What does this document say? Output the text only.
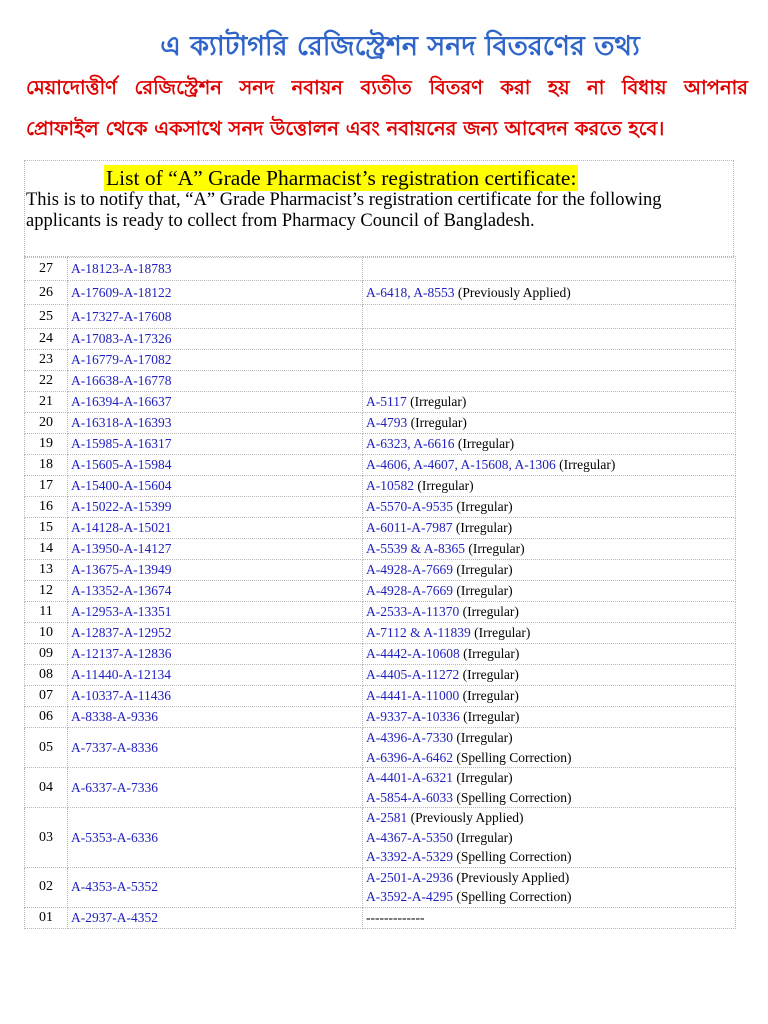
এ ক্যাটাগরি রেজিস্ট্রেশন সনদ বিতরণের তথ্য
মেয়াদোত্তীর্ণ রেজিস্ট্রেশন সনদ নবায়ন ব্যতীত বিতরণ করা হয় না বিধায় আপনার
প্রোফাইল থেকে একসাথে সনদ উত্তোলন এবং নবায়নের জন্য আবেদন করতে হবে।
List of “A” Grade Pharmacist’s registration certificate:
This is to notify that, “A” Grade Pharmacist’s registration certificate for the following applicants is ready to collect from Pharmacy Council of Bangladesh.
27	A-18123-A-18783	
26	A-17609-A-18122	A-6418, A-8553 (Previously Applied)

25	A-17327-A-17608	
24	A-17083-A-17326	
23	A-16779-A-17082	
22	A-16638-A-16778	
21	A-16394-A-16637	A-5117 (Irregular)

20	A-16318-A-16393	A-4793 (Irregular)

19	A-15985-A-16317	A-6323, A-6616 (Irregular)

18	A-15605-A-15984	A-4606, A-4607, A-15608, A-1306 (Irregular)

17	A-15400-A-15604	A-10582 (Irregular)

16	A-15022-A-15399	A-5570-A-9535 (Irregular)

15	A-14128-A-15021	A-6011-A-7987 (Irregular)

14	A-13950-A-14127	A-5539 & A-8365 (Irregular)

13	A-13675-A-13949	A-4928-A-7669 (Irregular)

12	A-13352-A-13674	A-4928-A-7669 (Irregular)

11	A-12953-A-13351	A-2533-A-11370 (Irregular)

10	A-12837-A-12952	A-7112 & A-11839 (Irregular)

09	A-12137-A-12836	A-4442-A-10608 (Irregular)

08	A-11440-A-12134	A-4405-A-11272 (Irregular)

07	A-10337-A-11436	A-4441-A-11000 (Irregular)

06	A-8338-A-9336	A-9337-A-10336 (Irregular)

05	A-7337-A-8336	A-4396-A-7330 (Irregular)
A-6396-A-6462 (Spelling Correction)

04	A-6337-A-7336	A-4401-A-6321 (Irregular)
A-5854-A-6033 (Spelling Correction)

03	A-5353-A-6336	A-2581 (Previously Applied)
A-4367-A-5350 (Irregular)
A-3392-A-5329 (Spelling Correction)

02	A-4353-A-5352	A-2501-A-2936 (Previously Applied)
A-3592-A-4295 (Spelling Correction)

01	A-2937-A-4352	-------------
